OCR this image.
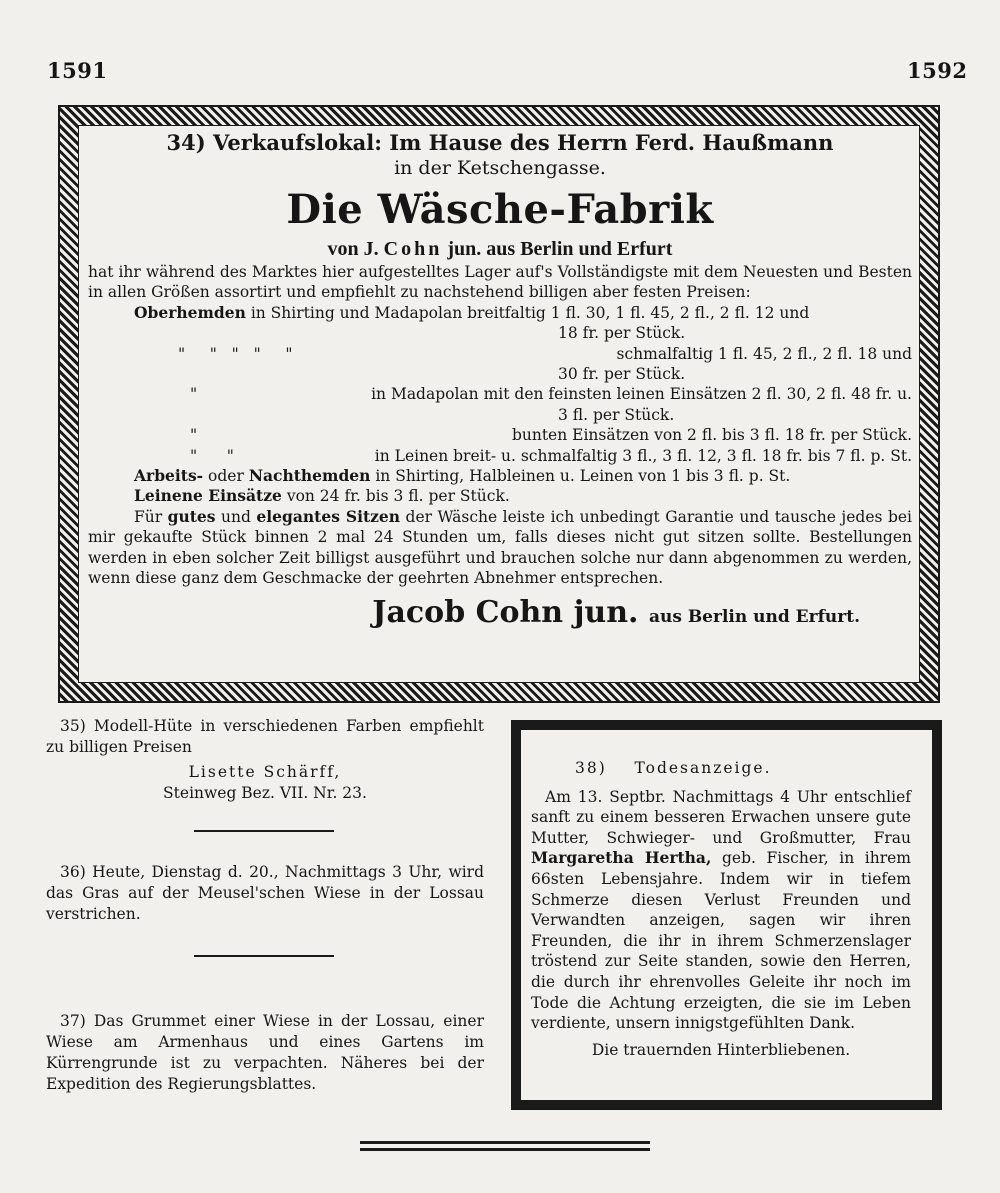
1591	1592
34) Verkaufslokal: Im Hause des Herrn Ferd. Haußmann
in der Ketschengasse.
Die Wäsche-Fabrik
von J. Cohn jun. aus Berlin und Erfurt
hat ihr während des Marktes hier aufgestelltes Lager auf's Vollständigste mit dem Neuesten und Besten in allen Größen assortirt und empfiehlt zu nachstehend billigen aber festen Preisen:
Oberhemden in Shirting und Madapolan breitfaltig 1 fl. 30, 1 fl. 45, 2 fl., 2 fl. 12 und
18 fr. per Stück.
"     "   "   "     "	schmalfaltig 1 fl. 45, 2 fl., 2 fl. 18 und
30 fr. per Stück.
"	in Madapolan mit den feinsten leinen Einsätzen 2 fl. 30, 2 fl. 48 fr. u.
3 fl. per Stück.
"	bunten Einsätzen von 2 fl. bis 3 fl. 18 fr. per Stück.
"      "	in Leinen breit- u. schmalfaltig 3 fl., 3 fl. 12, 3 fl. 18 fr. bis 7 fl. p. St.
Arbeits- oder Nachthemden in Shirting, Halbleinen u. Leinen von 1 bis 3 fl. p. St.
Leinene Einsätze von 24 fr. bis 3 fl. per Stück.
Für gutes und elegantes Sitzen der Wäsche leiste ich unbedingt Garantie und tausche jedes bei mir gekaufte Stück binnen 2 mal 24 Stunden um, falls dieses nicht gut sitzen sollte. Bestellungen werden in eben solcher Zeit billigst ausgeführt und brauchen solche nur dann abgenommen zu werden, wenn diese ganz dem Geschmacke der geehrten Abnehmer entsprechen.
Jacob Cohn jun. aus Berlin und Erfurt.
35) Modell-Hüte in verschiedenen Farben empfiehlt zu billigen Preisen
Lisette Schärff,
Steinweg Bez. VII. Nr. 23.
36) Heute, Dienstag d. 20., Nachmittags 3 Uhr, wird das Gras auf der Meusel'schen Wiese in der Lossau verstrichen.
37) Das Grummet einer Wiese in der Lossau, einer Wiese am Armenhaus und eines Gartens im Kürrengrunde ist zu verpachten. Näheres bei der Expedition des Regierungsblattes.
38)    Todesanzeige.
Am 13. Septbr. Nachmittags 4 Uhr entschlief sanft zu einem besseren Erwachen unsere gute Mutter, Schwieger- und Großmutter, Frau Margaretha Hertha, geb. Fischer, in ihrem 66sten Lebensjahre. Indem wir in tiefem Schmerze diesen Verlust Freunden und Verwandten anzeigen, sagen wir ihren Freunden, die ihr in ihrem Schmerzenslager tröstend zur Seite standen, sowie den Herren, die durch ihr ehrenvolles Geleite ihr noch im Tode die Achtung erzeigten, die sie im Leben verdiente, unsern innigstgefühlten Dank.
Die trauernden Hinterbliebenen.
